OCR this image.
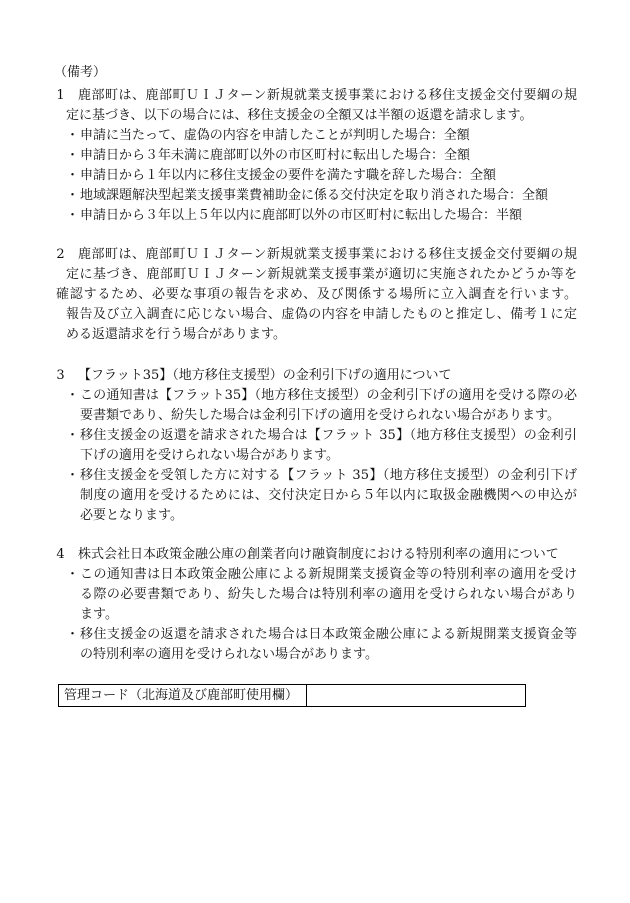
（備考）
1 鹿部町は、鹿部町ＵＩＪターン新規就業支援事業における移住支援金交付要綱の規
定に基づき、以下の場合には、移住支援金の全額又は半額の返還を請求します。
・ 申請に当たって、虚偽の内容を申請したことが判明した場合：全額
・ 申請日から３年未満に鹿部町以外の市区町村に転出した場合：全額
・ 申請日から１年以内に移住支援金の要件を満たす職を辞した場合：全額
・ 地域課題解決型起業支援事業費補助金に係る交付決定を取り消された場合：全額
・ 申請日から３年以上５年以内に鹿部町以外の市区町村に転出した場合：半額
2 鹿部町は、鹿部町ＵＩＪターン新規就業支援事業における移住支援金交付要綱の規
定に基づき、鹿部町ＵＩＪターン新規就業支援事業が適切に実施されたかどうか等を
確認するため、必要な事項の報告を求め、及び関係する場所に立入調査を行います。
報告及び立入調査に応じない場合、虚偽の内容を申請したものと推定し、備考１に定
める返還請求を行う場合があります。
3 【フラット35】（地方移住支援型）の金利引下げの適用について
・ この通知書は【フラット35】（地方移住支援型）の金利引下げの適用を受ける際の必
要書類であり、紛失した場合は金利引下げの適用を受けられない場合があります。
・ 移住支援金の返還を請求された場合は【フラット 35】（地方移住支援型）の金利引
下げの適用を受けられない場合があります。
・ 移住支援金を受領した方に対する【フラット 35】（地方移住支援型）の金利引下げ
制度の適用を受けるためには、交付決定日から５年以内に取扱金融機関への申込が
必要となります。
4 株式会社日本政策金融公庫の創業者向け融資制度における特別利率の適用について
・ この通知書は日本政策金融公庫による新規開業支援資金等の特別利率の適用を受け
る際の必要書類であり、紛失した場合は特別利率の適用を受けられない場合があり
ます。
・ 移住支援金の返還を請求された場合は日本政策金融公庫による新規開業支援資金等
の特別利率の適用を受けられない場合があります。
管理コード（北海道及び鹿部町使用欄）
